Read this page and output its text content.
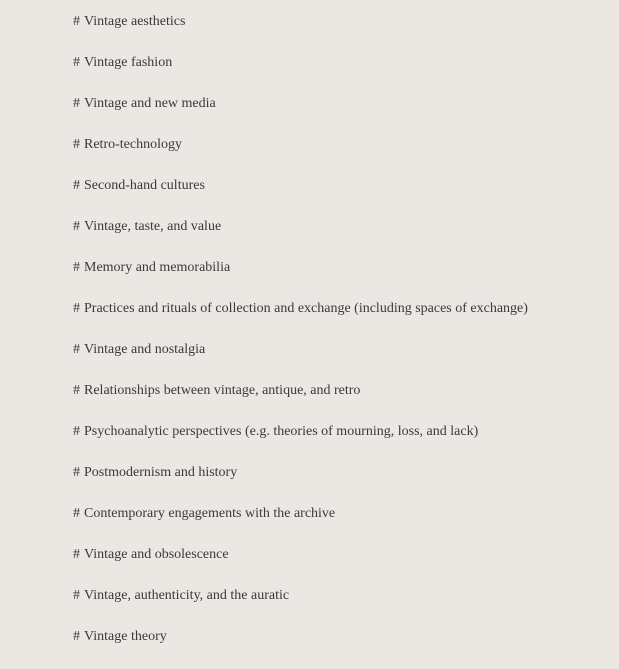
# Vintage aesthetics
# Vintage fashion
# Vintage and new media
# Retro-technology
# Second-hand cultures
# Vintage, taste, and value
# Memory and memorabilia
# Practices and rituals of collection and exchange (including spaces of exchange)
# Vintage and nostalgia
# Relationships between vintage, antique, and retro
# Psychoanalytic perspectives (e.g. theories of mourning, loss, and lack)
# Postmodernism and history
# Contemporary engagements with the archive
# Vintage and obsolescence
# Vintage, authenticity, and the auratic
# Vintage theory
